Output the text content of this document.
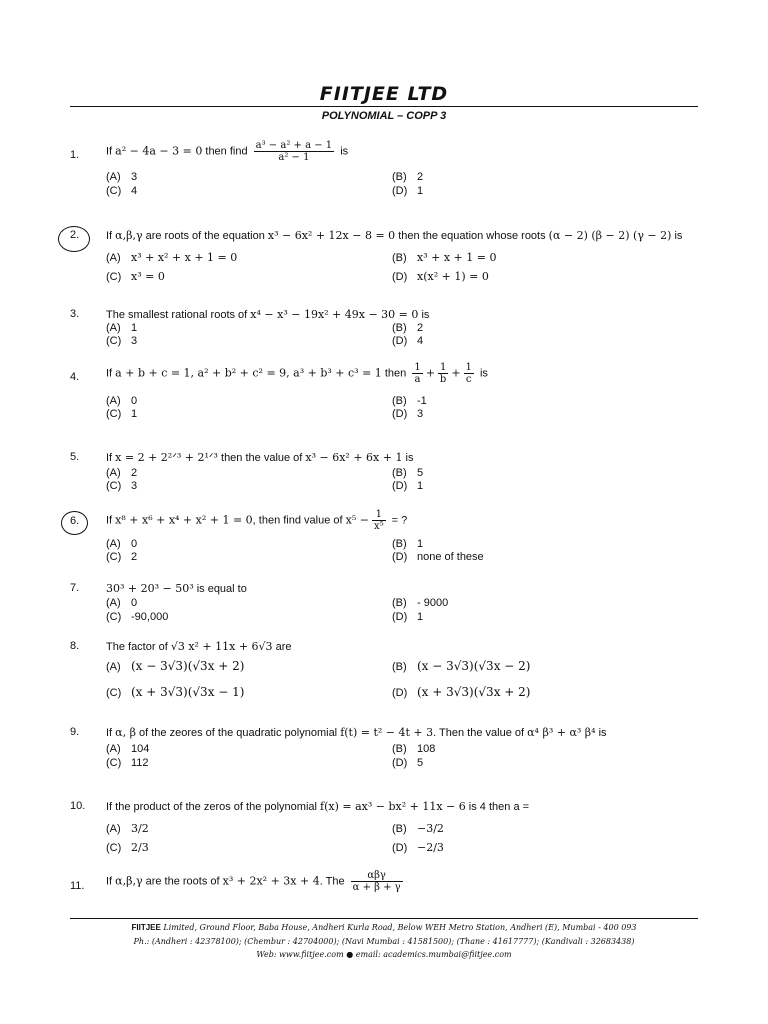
FIITJEE LTD
POLYNOMIAL – COPP 3
1. If a² − 4a − 3 = 0 then find $\frac{\text{a³ − a² + a − 1}}{\text{a² − 1}}$ is
(A) 3	(B) 2
(C) 4	(D) 1
2. If α,β,γ are roots of the equation x³ − 6x² + 12x − 8 = 0 then the equation whose roots (α − 2) (β − 2) (γ − 2) is
(A) x³ + x² + x + 1 = 0	(B) x³ + x + 1 = 0
(C) x³ = 0	(D) x(x² + 1) = 0
3. The smallest rational roots of x⁴ − x³ − 19x² + 49x − 30 = 0 is
(A) 1	(B) 2
(C) 3	(D) 4
4. If a + b + c = 1, a² + b² + c² = 9, a³ + b³ + c³ = 1 then $\frac{1}{a} + \frac{1}{b} + \frac{1}{c}$ is
(A) 0	(B) -1
(C) 1	(D) 3
5. If x = 2 + 2²ᐟ³ + 2¹ᐟ³ then the value of x³ − 6x² + 6x + 1 is
(A) 2	(B) 5
(C) 3	(D) 1
6. If x⁸ + x⁶ + x⁴ + x² + 1 = 0, then find value of $x^5 - \frac{1}{\text{x⁵}}$ = ?
(A) 0	(B) 1
(C) 2	(D) none of these
7. 30³ + 20³ − 50³ is equal to
(A) 0	(B) - 9000
(C) -90,000	(D) 1
8. The factor of √3 x² + 11x + 6√3 are
(A) (x − 3√3)(√3x + 2)	(B) (x − 3√3)(√3x − 2)
(C) (x + 3√3)(√3x − 1)	(D) (x + 3√3)(√3x + 2)
9. If α, β of the zeores of the quadratic polynomial f(t) = t² − 4t + 3. Then the value of α⁴ β³ + α³ β⁴ is
(A) 104	(B) 108
(C) 112	(D) 5
10. If the product of the zeros of the polynomial f(x) = ax³ − bx² + 11x − 6 is 4 then a =
(A) 3/2	(B) −3/2
(C) 2/3	(D) −2/3
11. If α,β,γ are the roots of x³ + 2x² + 3x + 4. The $\frac{\text{αβγ}}{\alpha + \beta + \gamma}$
FIITJEE Limited, Ground Floor, Baba House, Andheri Kurla Road, Below WEH Metro Station, Andheri (E), Mumbai - 400 093
Ph.: (Andheri : 42378100); (Chembur : 42704000); (Navi Mumbai : 41581500); (Thane : 41617777); (Kandivali : 32683438)
Web: www.fiitjee.com ● email: academics.mumbai@fiitjee.com
